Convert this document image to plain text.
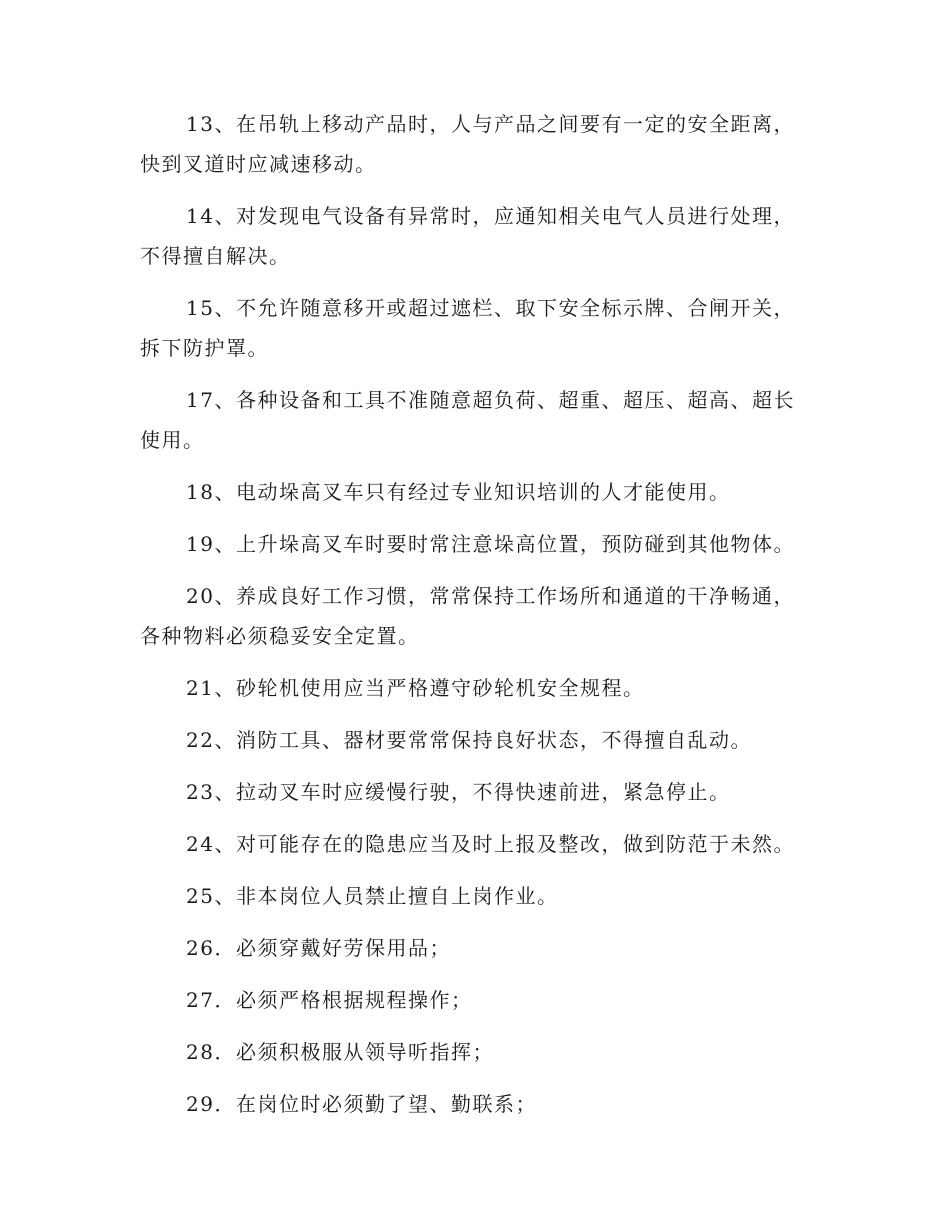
13、在吊轨上移动产品时，人与产品之间要有一定的安全距离，快到叉道时应减速移动。

14、对发现电气设备有异常时，应通知相关电气人员进行处理，不得擅自解决。

15、不允许随意移开或超过遮栏、取下安全标示牌、合闸开关，拆下防护罩。

17、各种设备和工具不准随意超负荷、超重、超压、超高、超长使用。

18、电动垛高叉车只有经过专业知识培训的人才能使用。

19、上升垛高叉车时要时常注意垛高位置，预防碰到其他物体。

20、养成良好工作习惯，常常保持工作场所和通道的干净畅通，各种物料必须稳妥安全定置。

21、砂轮机使用应当严格遵守砂轮机安全规程。

22、消防工具、器材要常常保持良好状态，不得擅自乱动。

23、拉动叉车时应缓慢行驶，不得快速前进，紧急停止。

24、对可能存在的隐患应当及时上报及整改，做到防范于未然。

25、非本岗位人员禁止擅自上岗作业。

26．必须穿戴好劳保用品；

27．必须严格根据规程操作；

28．必须积极服从领导听指挥；

29．在岗位时必须勤了望、勤联系；
